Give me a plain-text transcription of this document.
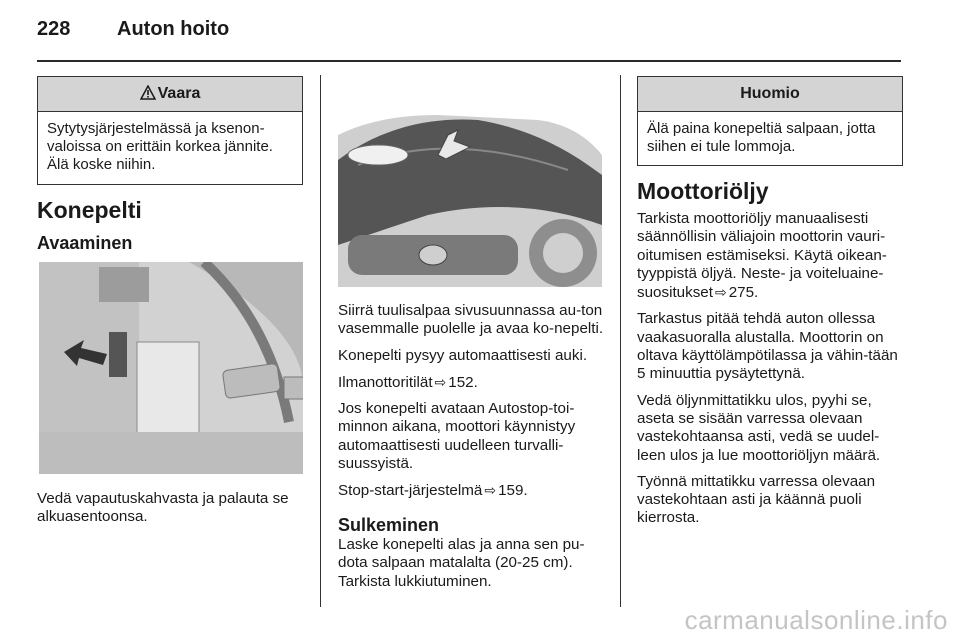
228 Auton hoito
Vaara
Sytytysjärjestelmässä ja ksenon-valoissa on erittäin korkea jännite. Älä koske niihin.
Konepelti
Avaaminen
Vedä vapautuskahvasta ja palauta se alkuasentoonsa.

Siirrä tuulisalpaa sivusuunnassa au-ton vasemmalle puolelle ja avaa ko-nepelti.

Konepelti pysyy automaattisesti auki.

Ilmanottoritilät ⇨ 152.

Jos konepelti avataan Autostop-toi-minnon aikana, moottori käynnistyy automaattisesti uudelleen turvalli-suussyistä.

Stop-start-järjestelmä ⇨ 159.

Sulkeminen
Laske konepelti alas ja anna sen pu-dota salpaan matalalta (20-25 cm). Tarkista lukkiutuminen.
Huomio
Älä paina konepeltiä salpaan, jotta siihen ei tule lommoja.
Moottoriöljy

Tarkista moottoriöljy manuaalisesti säännöllisin väliajoin moottorin vauri-oitumisen estämiseksi. Käytä oikean-tyyppistä öljyä. Neste- ja voiteluaine-suositukset ⇨ 275.

Tarkastus pitää tehdä auton ollessa vaakasuoralla alustalla. Moottorin on oltava käyttölämpötilassa ja vähin-tään 5 minuuttia pysäytettynä.

Vedä öljynmittatikku ulos, pyyhi se, aseta se sisään varressa olevaan vastekohtaansa asti, vedä se uudel-leen ulos ja lue moottoriöljyn määrä.

Työnnä mittatikku varressa olevaan vastekohtaan asti ja käännä puoli kierrosta.

carmanualsonline.info
